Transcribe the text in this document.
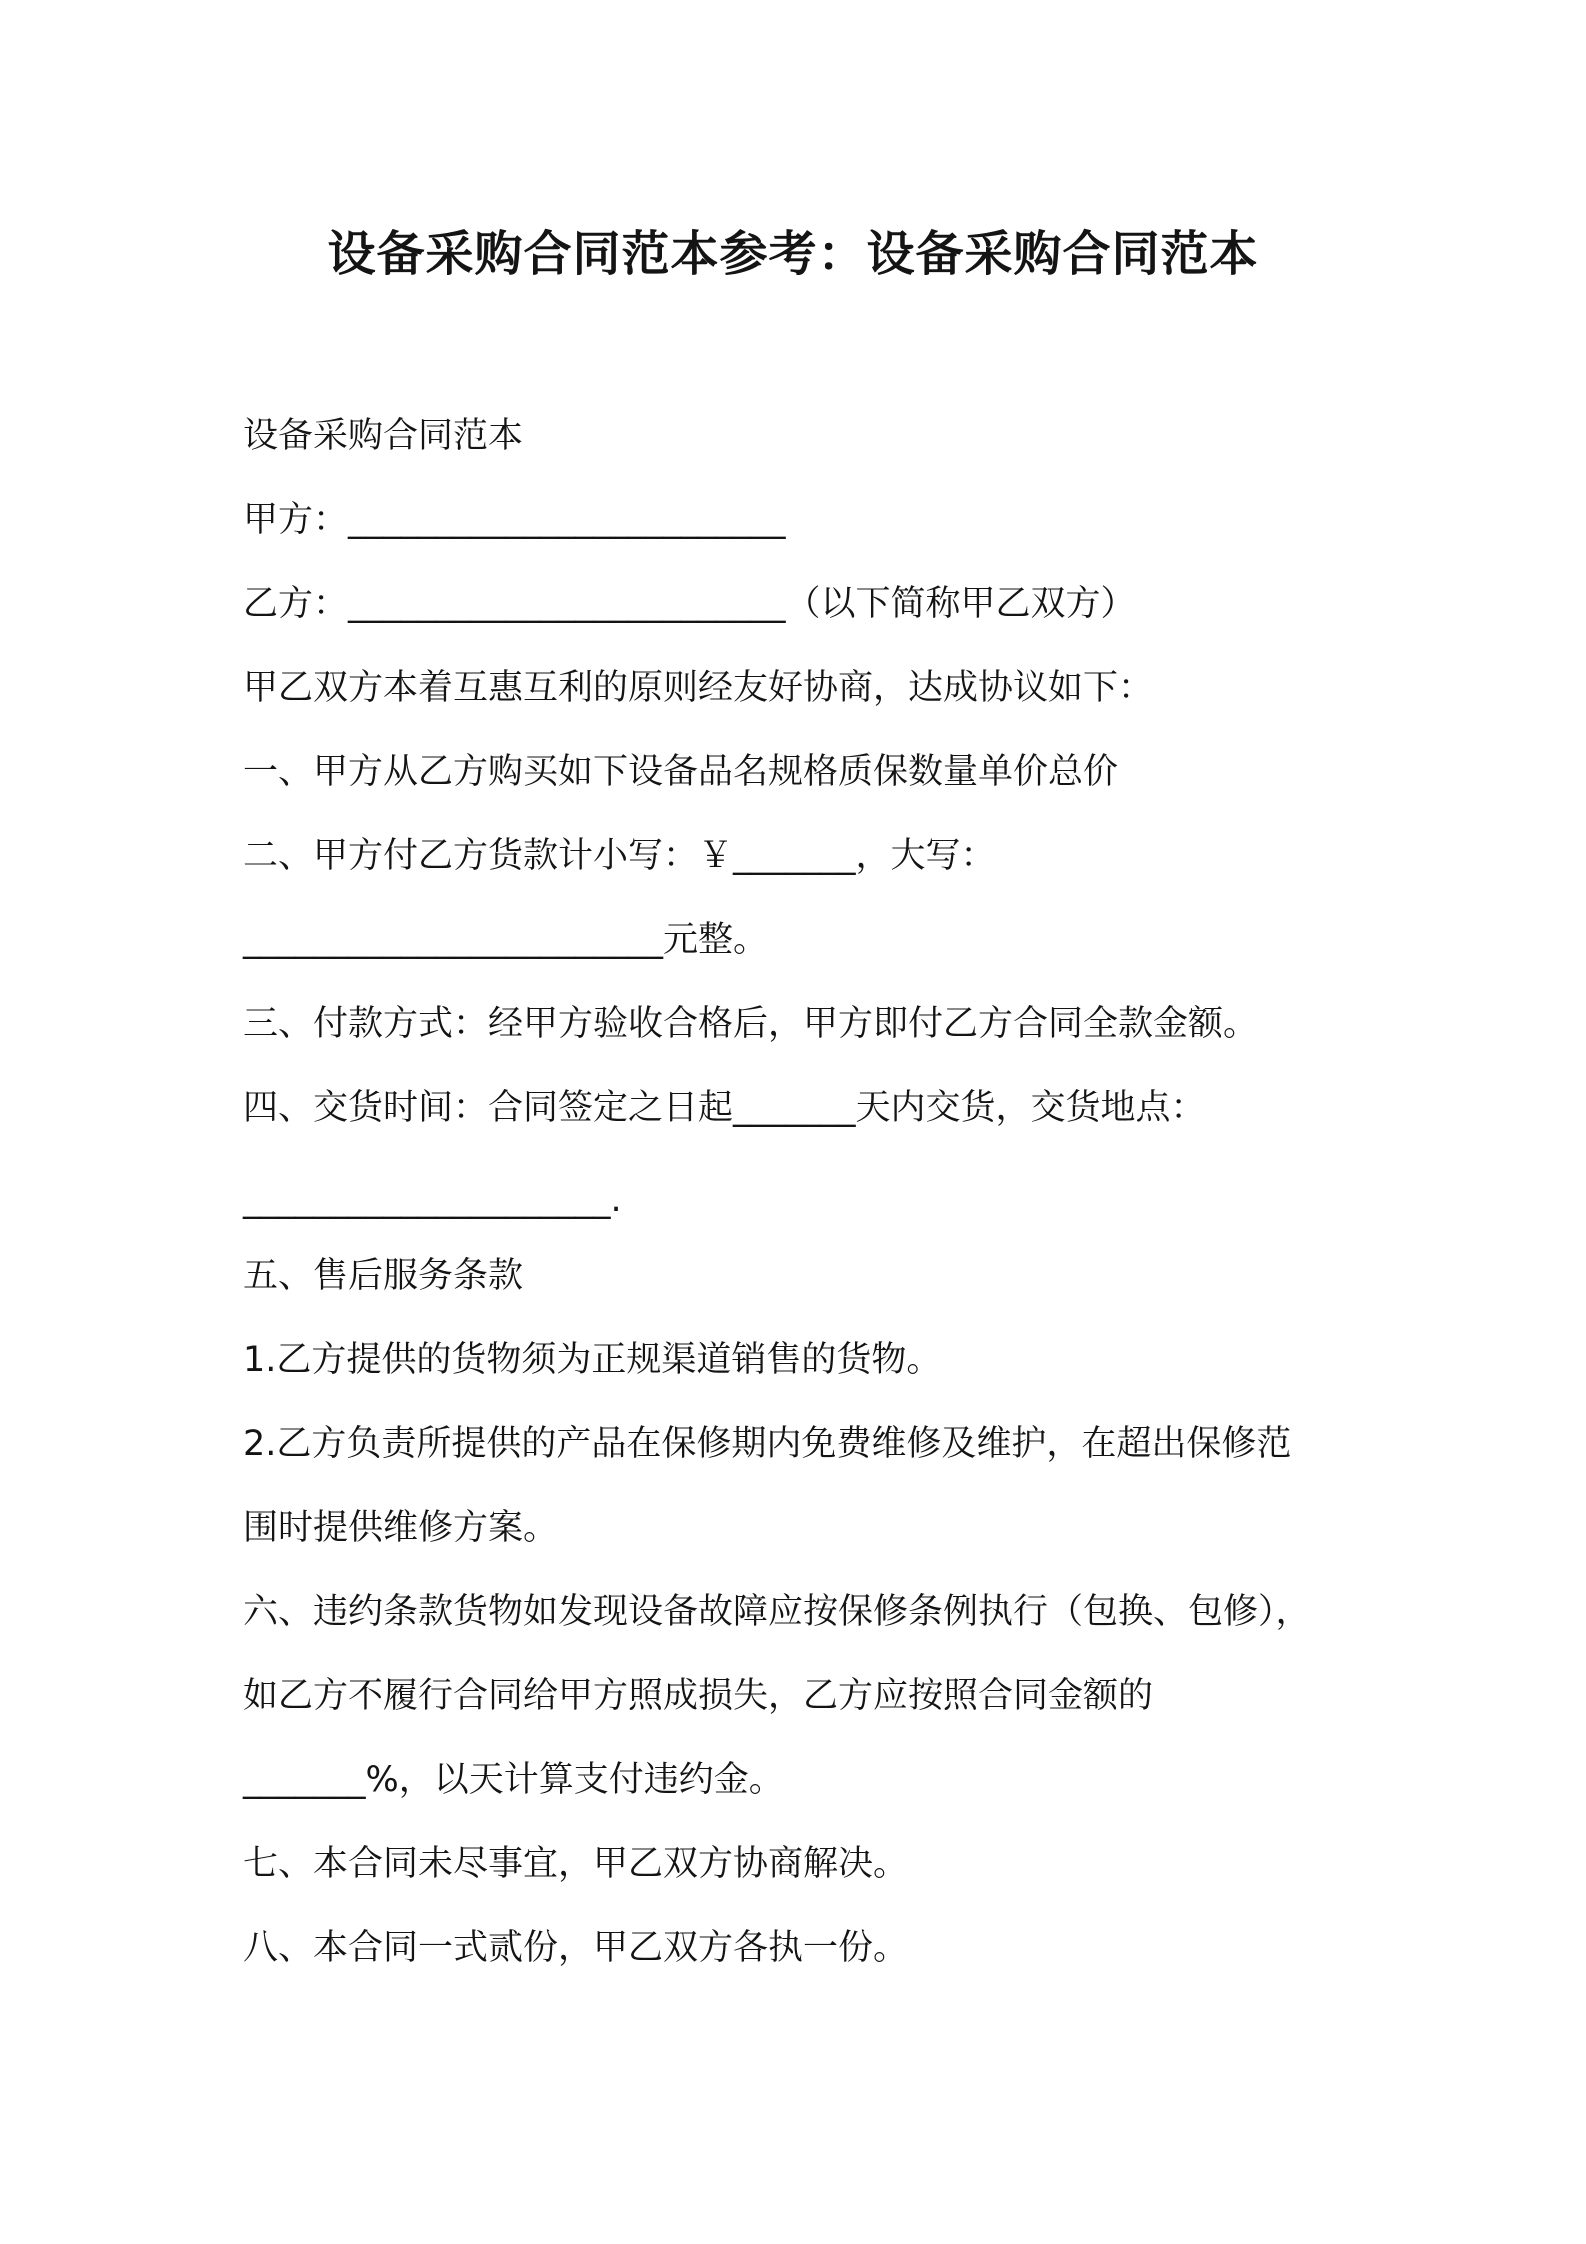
设备采购合同范本参考：设备采购合同范本
设备采购合同范本
甲方：_________________________
乙方：_________________________（以下简称甲乙双方）
甲乙双方本着互惠互利的原则经友好协商，达成协议如下：
一、甲方从乙方购买如下设备品名规格质保数量单价总价
二、甲方付乙方货款计小写：￥_______，大写：
________________________元整。
三、付款方式：经甲方验收合格后，甲方即付乙方合同全款金额。
四、交货时间：合同签定之日起_______天内交货，交货地点：
_____________________.
五、售后服务条款
1.乙方提供的货物须为正规渠道销售的货物。
2.乙方负责所提供的产品在保修期内免费维修及维护，在超出保修范
围时提供维修方案。
六、违约条款货物如发现设备故障应按保修条例执行（包换、包修），
如乙方不履行合同给甲方照成损失，乙方应按照合同金额的
_______%，以天计算支付违约金。
七、本合同未尽事宜，甲乙双方协商解决。
八、本合同一式贰份，甲乙双方各执一份。
